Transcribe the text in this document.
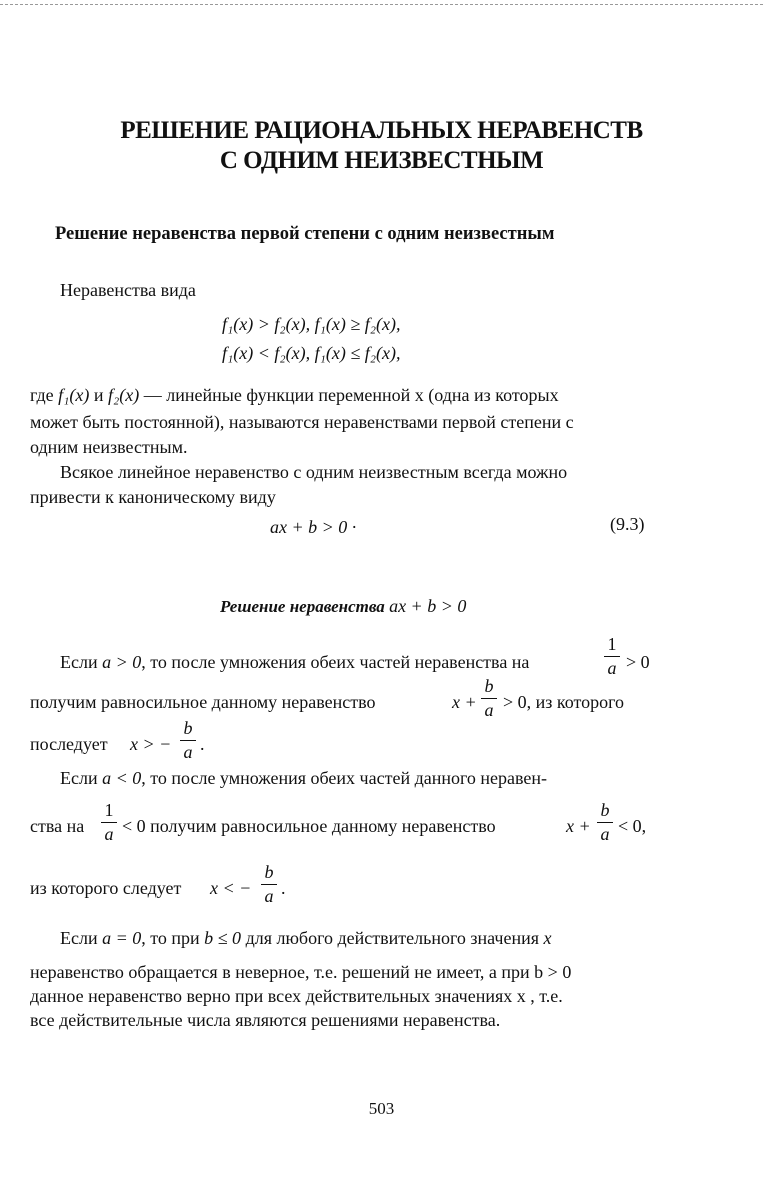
РЕШЕНИЕ РАЦИОНАЛЬНЫХ НЕРАВЕНСТВ
С ОДНИМ НЕИЗВЕСТНЫМ
Решение неравенства первой степени с одним неизвестным
Неравенства вида
f₁(x) > f₂(x), f₁(x) ≥ f₂(x),
f₁(x) < f₂(x), f₁(x) ≤ f₂(x),
где f₁(x) и f₂(x) — линейные функции переменной x (одна из которых
может быть постоянной), называются неравенствами первой степени с
одним неизвестным.
Всякое линейное неравенство с одним неизвестным всегда можно
привести к каноническому виду
ax + b > 0 ·	(9.3)
Решение неравенства ax + b > 0
Если a > 0, то после умножения обеих частей неравенства на
1
a > 0
получим равносильное данному неравенство	x +
b
a > 0, из которого
последует x > −
b
a .
Если a < 0, то после умножения обеих частей данного нерaвен-
ства на
1
a < 0 получим равносильное данному неравенство	x +
b
a < 0,
из которого следует x < −
b
a .
Если a = 0, то при b ≤ 0 для любого действительного значения x
неравенство обращается в неверное, т.е. решений не имеет, а при b > 0
данное неравенство верно при всех действительных значениях x , т.е.
все действительные числа являются решениями неравенства.
503
